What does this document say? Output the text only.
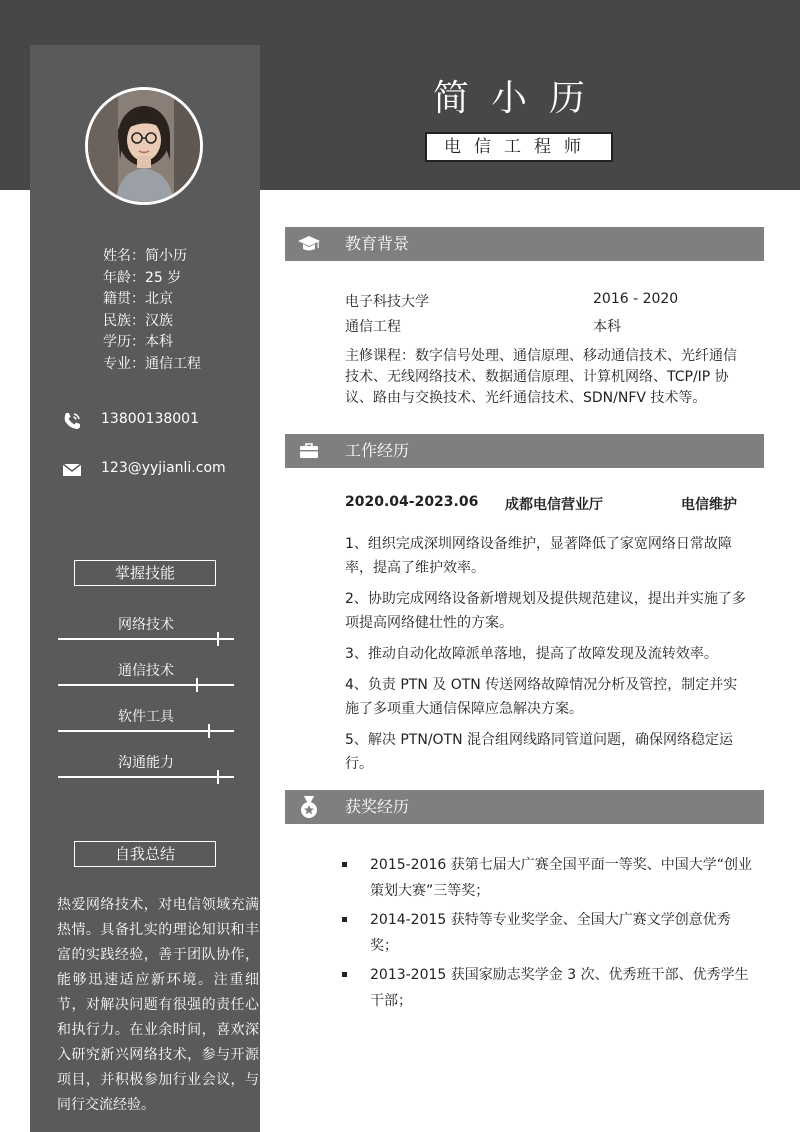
简小历
电信工程师
姓名：简小历
年龄：25 岁
籍贯：北京
民族：汉族
学历：本科
专业：通信工程
13800138001
123@yyjianli.com
掌握技能
网络技术
通信技术
软件工具
沟通能力
自我总结
热爱网络技术，对电信领域充满热情。具备扎实的理论知识和丰富的实践经验，善于团队协作，能够迅速适应新环境。注重细节，对解决问题有很强的责任心和执行力。在业余时间，喜欢深入研究新兴网络技术，参与开源项目，并积极参加行业会议，与同行交流经验。
教育背景
电子科技大学	2016 - 2020
通信工程	本科
主修课程：数字信号处理、通信原理、移动通信技术、光纤通信技术、无线网络技术、数据通信原理、计算机网络、TCP/IP 协议、路由与交换技术、光纤通信技术、SDN/NFV 技术等。
工作经历
2020.04-2023.06 成都电信营业厅	电信维护

1、组织完成深圳网络设备维护，显著降低了家宽网络日常故障率，提高了维护效率。

2、协助完成网络设备新增规划及提供规范建议，提出并实施了多项提高网络健壮性的方案。

3、推动自动化故障派单落地，提高了故障发现及流转效率。

4、负责 PTN 及 OTN 传送网络故障情况分析及管控，制定并实施了多项重大通信保障应急解决方案。

5、解决 PTN/OTN 混合组网线路同管道问题，确保网络稳定运行。

获奖经历
2015-2016 获第七届大广赛全国平面一等奖、中国大学“创业策划大赛”三等奖；
2014-2015 获特等专业奖学金、全国大广赛文学创意优秀奖；
2013-2015 获国家励志奖学金 3 次、优秀班干部、优秀学生干部；
